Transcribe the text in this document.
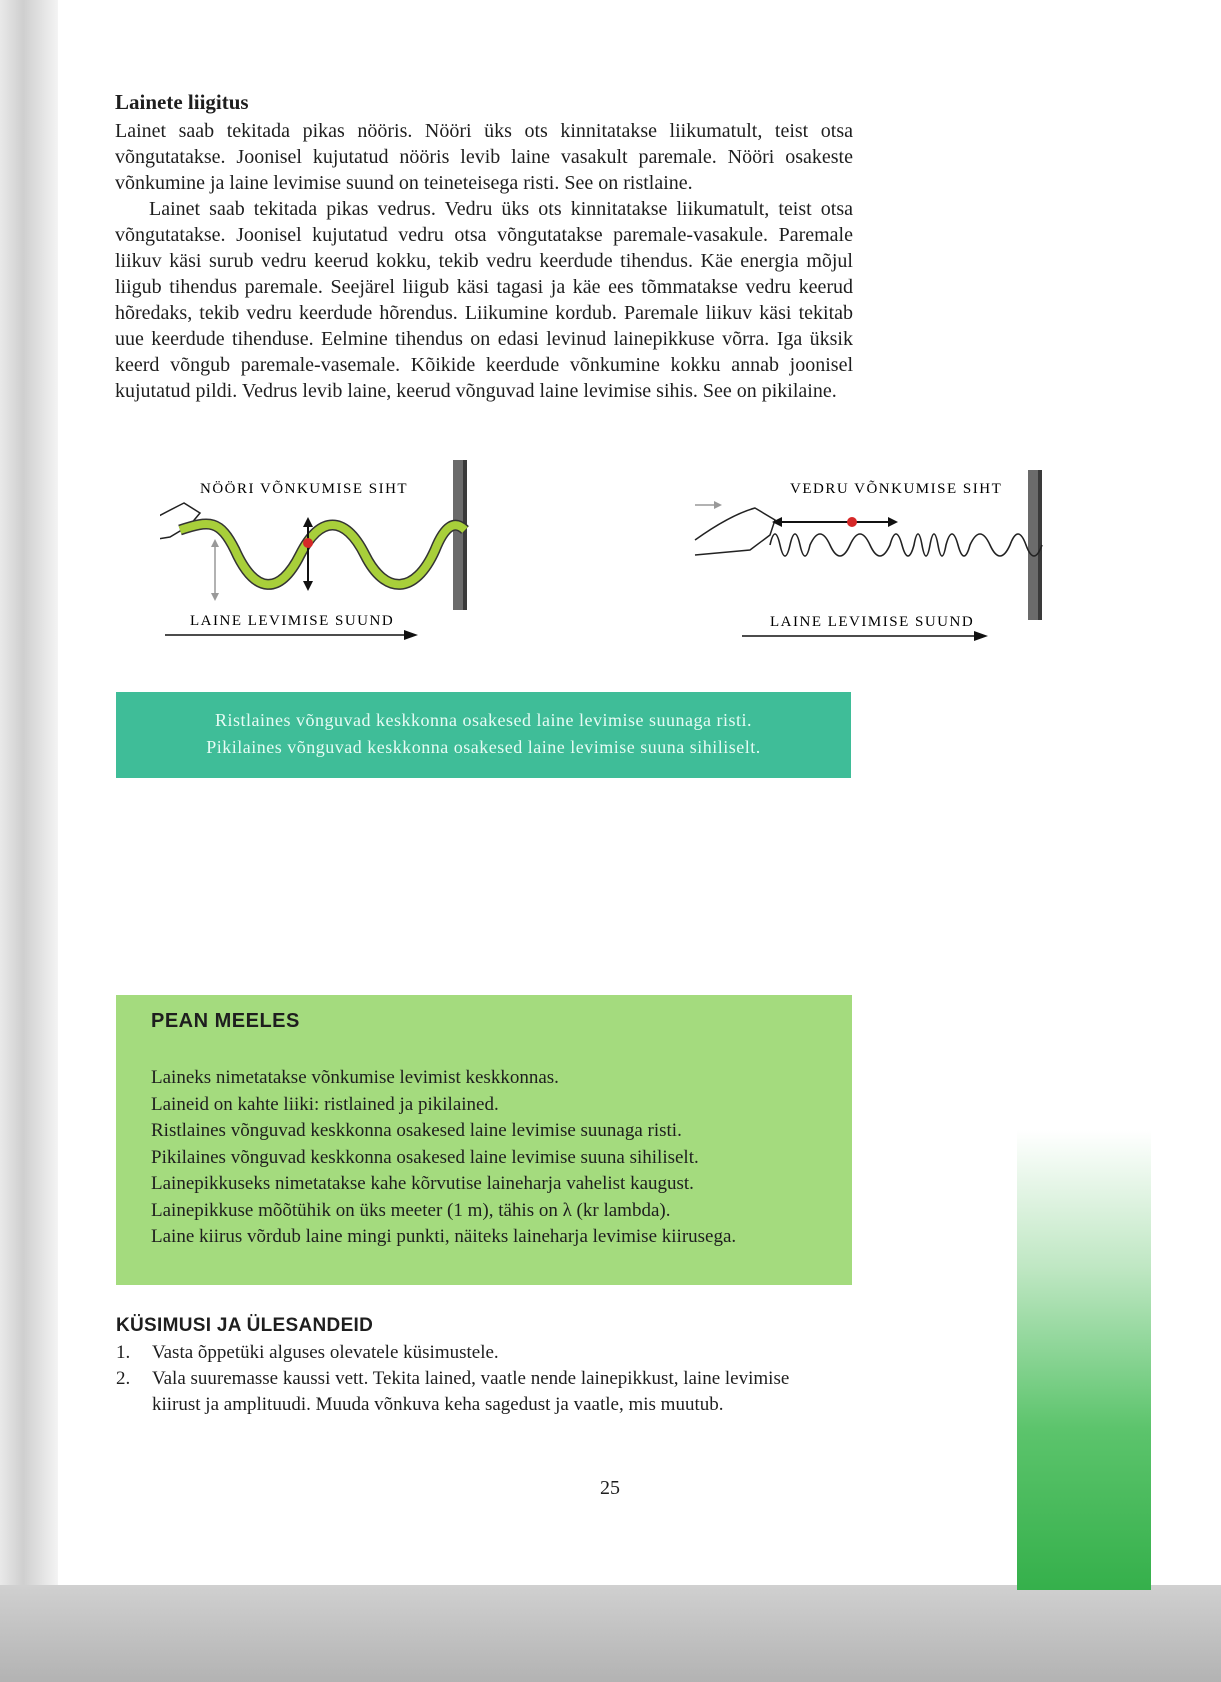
Lainete liigitus

Lainet saab tekitada pikas nööris. Nööri üks ots kinnitatakse liikumatult, teist otsa võngutatakse. Joonisel kujutatud nööris levib laine vasakult paremale. Nööri osakeste võnkumine ja laine levimise suund on teineteisega risti. See on ristlaine.

Lainet saab tekitada pikas vedrus. Vedru üks ots kinnitatakse liikumatult, teist otsa võngutatakse. Joonisel kujutatud vedru otsa võngutatakse paremale-vasakule. Paremale liikuv käsi surub vedru keerud kokku, tekib vedru keerdude tihendus. Käe energia mõjul liigub tihendus paremale. Seejärel liigub käsi tagasi ja käe ees tõmmatakse vedru keerud hõredaks, tekib vedru keerdude hõrendus. Liikumine kordub. Paremale liikuv käsi tekitab uue keerdude tihenduse. Eelmine tihendus on edasi levinud lainepikkuse võrra. Iga üksik keerd võngub paremale-vasemale. Kõikide keerdude võnkumine kokku annab joonisel kujutatud pildi. Vedrus levib laine, keerud võnguvad laine levimise sihis. See on pikilaine.

NÖÖRI VÕNKUMISE SIHT
LAINE LEVIMISE SUUND
VEDRU VÕNKUMISE SIHT
LAINE LEVIMISE SUUND
Ristlaines võnguvad keskkonna osakesed laine levimise suunaga risti.
Pikilaines võnguvad keskkonna osakesed laine levimise suuna sihiliselt.
PEAN MEELES
Laineks nimetatakse võnkumise levimist keskkonnas.
Laineid on kahte liiki: ristlained ja pikilained.
Ristlaines võnguvad keskkonna osakesed laine levimise suunaga risti.
Pikilaines võnguvad keskkonna osakesed laine levimise suuna sihiliselt.
Lainepikkuseks nimetatakse kahe kõrvutise laineharja vahelist kaugust.
Lainepikkuse mõõtühik on üks meeter (1 m), tähis on λ (kr lambda).
Laine kiirus võrdub laine mingi punkti, näiteks laineharja levimise kiirusega.
KÜSIMUSI JA ÜLESANDEID
1. Vasta õppetüki alguses olevatele küsimustele.
2. Vala suuremasse kaussi vett. Tekita lained, vaatle nende lainepikkust, laine levimise kiirust ja amplituudi. Muuda võnkuva keha sagedust ja vaatle, mis muutub.
25
